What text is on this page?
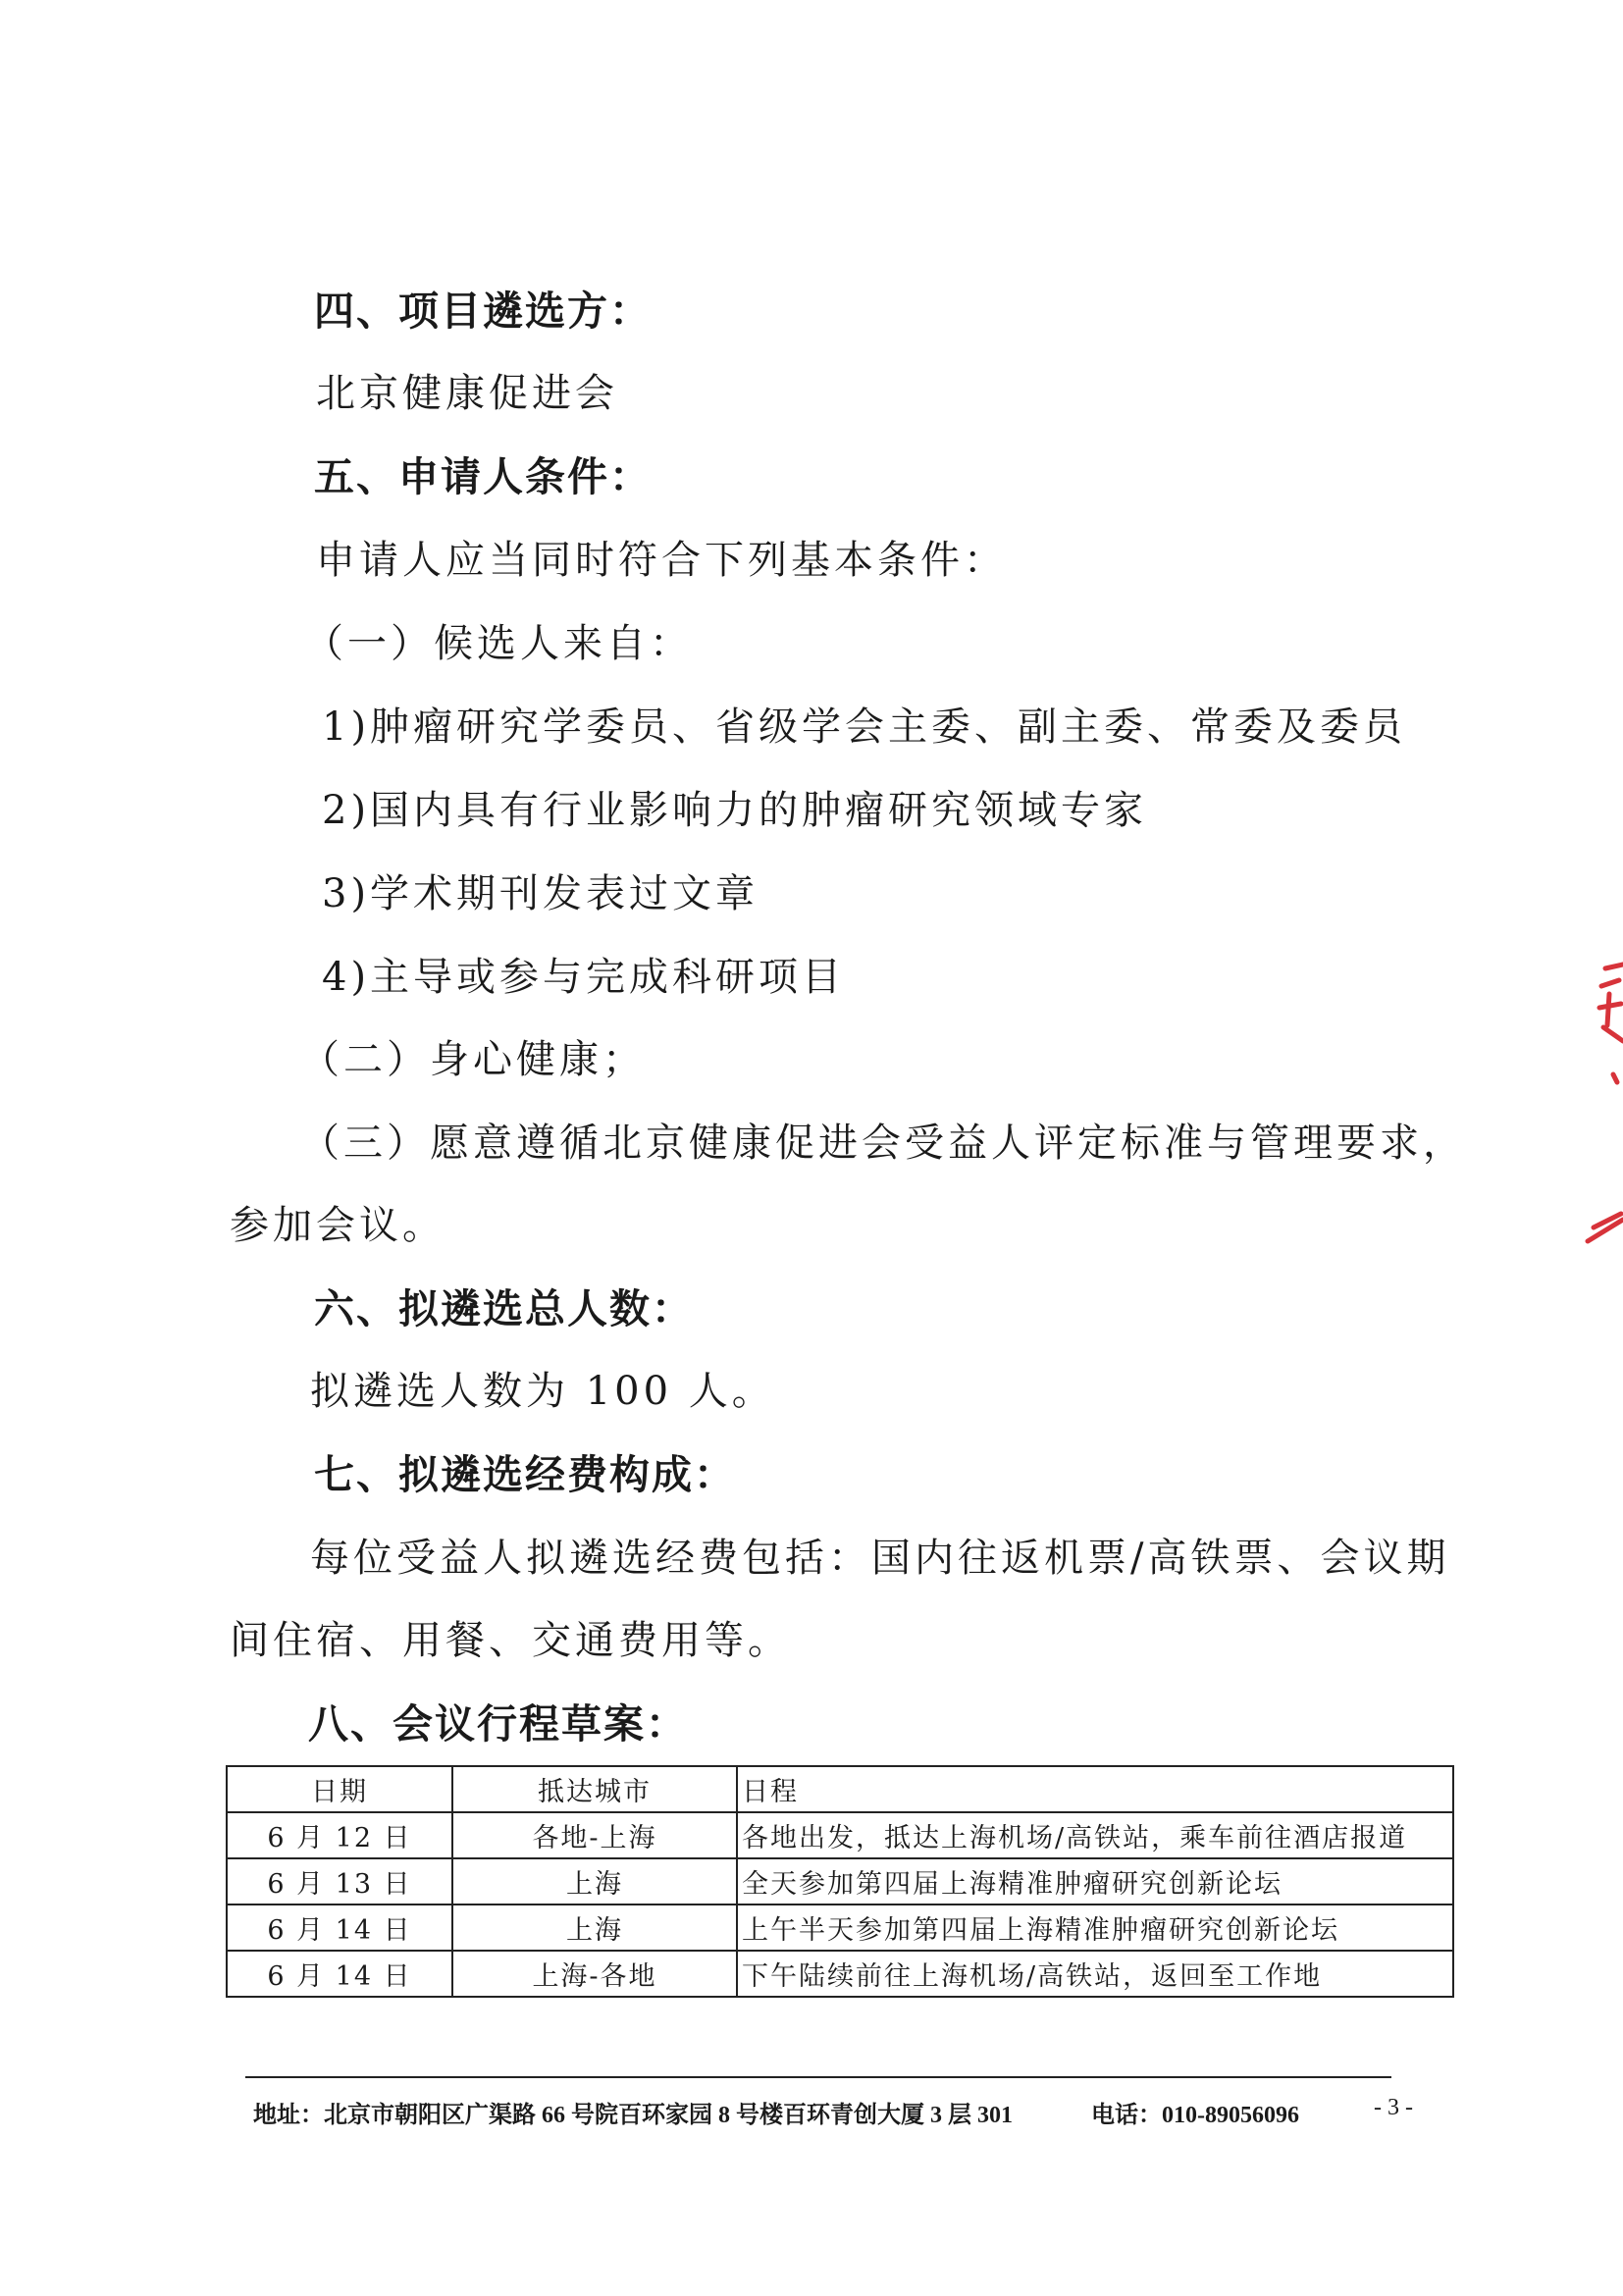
四、项目遴选方：
北京健康促进会
五、申请人条件：
申请人应当同时符合下列基本条件：
（一）候选人来自：
1)肿瘤研究学委员、省级学会主委、副主委、常委及委员
2)国内具有行业影响力的肿瘤研究领域专家
3)学术期刊发表过文章
4)主导或参与完成科研项目
（二）身心健康；
（三）愿意遵循北京健康促进会受益人评定标准与管理要求，
参加会议。
六、拟遴选总人数：
拟遴选人数为 100 人。
七、拟遴选经费构成：
每位受益人拟遴选经费包括：国内往返机票/高铁票、会议期
间住宿、用餐、交通费用等。
八、会议行程草案：
日期	抵达城市	日程
6 月 12 日	各地-上海	各地出发，抵达上海机场/高铁站，乘车前往酒店报道
6 月 13 日	上海	全天参加第四届上海精准肿瘤研究创新论坛
6 月 14 日	上海	上午半天参加第四届上海精准肿瘤研究创新论坛
6 月 14 日	上海-各地	下午陆续前往上海机场/高铁站，返回至工作地
地址：北京市朝阳区广渠路 66 号院百环家园 8 号楼百环青创大厦 3 层 301	电话：010-89056096	- 3 -
